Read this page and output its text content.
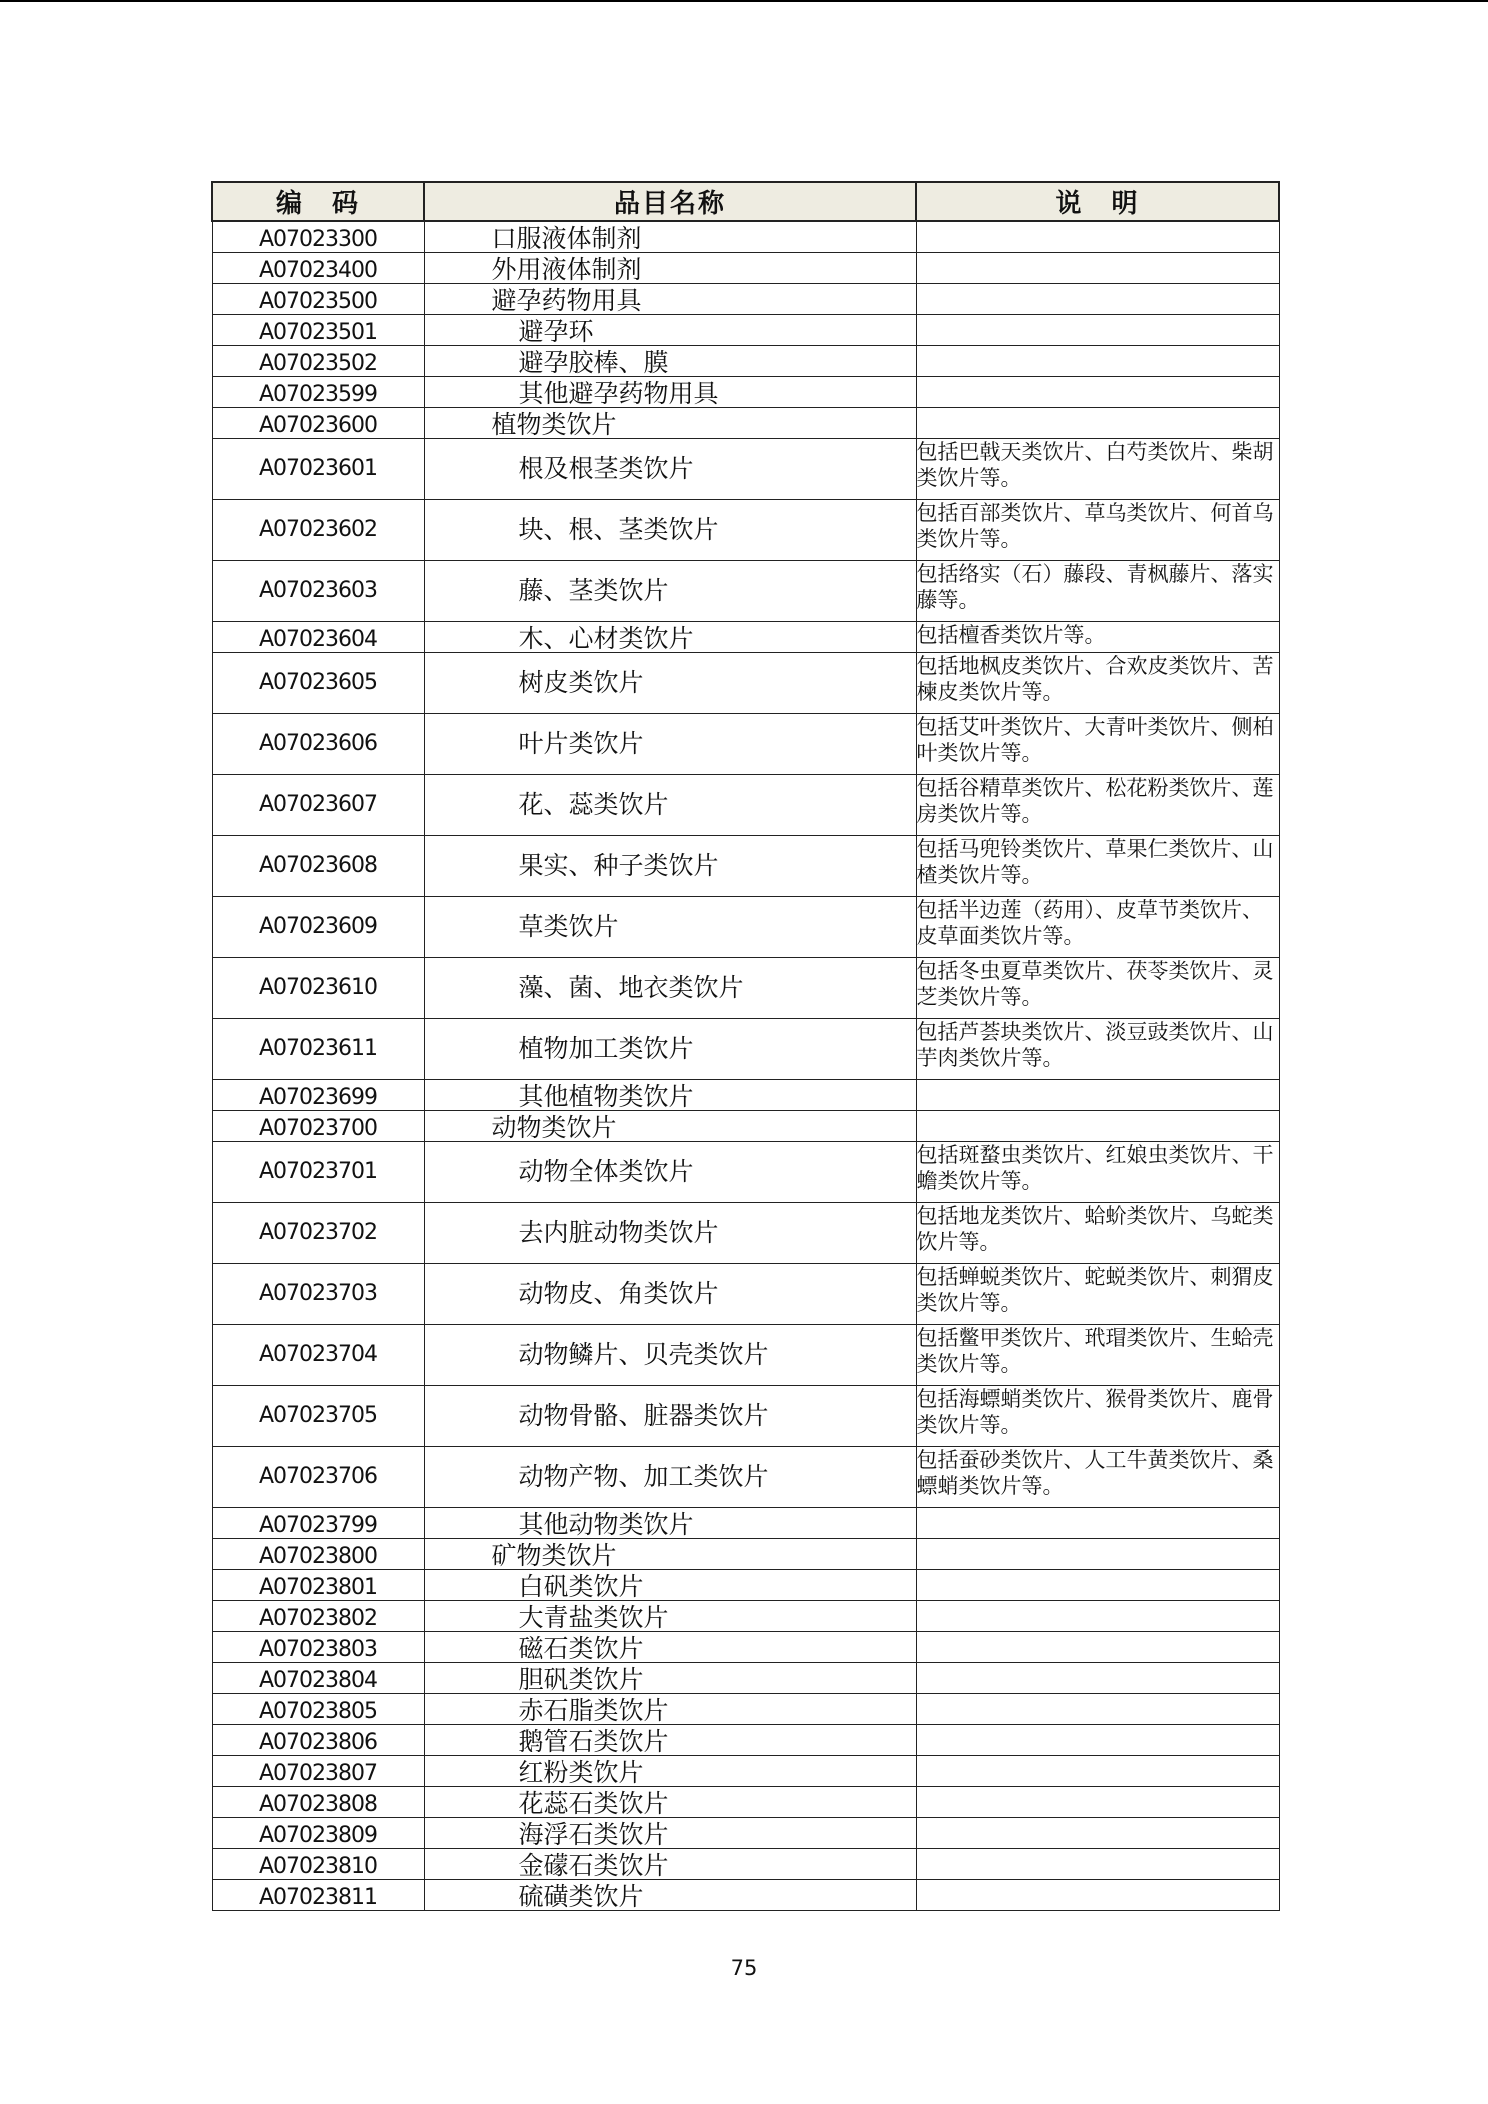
编　码	品目名称	说　明
A07023300	口服液体制剂	
A07023400	外用液体制剂	
A07023500	避孕药物用具	
A07023501	避孕环	
A07023502	避孕胶棒、膜	
A07023599	其他避孕药物用具	
A07023600	植物类饮片	
A07023601	根及根茎类饮片	包括巴戟天类饮片、白芍类饮片、柴胡类饮片等。
A07023602	块、根、茎类饮片	包括百部类饮片、草乌类饮片、何首乌类饮片等。
A07023603	藤、茎类饮片	包括络实（石）藤段、青枫藤片、落实藤等。
A07023604	木、心材类饮片	包括檀香类饮片等。
A07023605	树皮类饮片	包括地枫皮类饮片、合欢皮类饮片、苦楝皮类饮片等。
A07023606	叶片类饮片	包括艾叶类饮片、大青叶类饮片、侧柏叶类饮片等。
A07023607	花、蕊类饮片	包括谷精草类饮片、松花粉类饮片、莲房类饮片等。
A07023608	果实、种子类饮片	包括马兜铃类饮片、草果仁类饮片、山楂类饮片等。
A07023609	草类饮片	包括半边莲（药用）、皮草节类饮片、皮草面类饮片等。
A07023610	藻、菌、地衣类饮片	包括冬虫夏草类饮片、茯苓类饮片、灵芝类饮片等。
A07023611	植物加工类饮片	包括芦荟块类饮片、淡豆豉类饮片、山芋肉类饮片等。
A07023699	其他植物类饮片	
A07023700	动物类饮片	
A07023701	动物全体类饮片	包括斑蝥虫类饮片、红娘虫类饮片、干蟾类饮片等。
A07023702	去内脏动物类饮片	包括地龙类饮片、蛤蚧类饮片、乌蛇类饮片等。
A07023703	动物皮、角类饮片	包括蝉蜕类饮片、蛇蜕类饮片、刺猬皮类饮片等。
A07023704	动物鳞片、贝壳类饮片	包括鳖甲类饮片、玳瑁类饮片、生蛤壳类饮片等。
A07023705	动物骨骼、脏器类饮片	包括海螵蛸类饮片、猴骨类饮片、鹿骨类饮片等。
A07023706	动物产物、加工类饮片	包括蚕砂类饮片、人工牛黄类饮片、桑螵蛸类饮片等。
A07023799	其他动物类饮片	
A07023800	矿物类饮片	
A07023801	白矾类饮片	
A07023802	大青盐类饮片	
A07023803	磁石类饮片	
A07023804	胆矾类饮片	
A07023805	赤石脂类饮片	
A07023806	鹅管石类饮片	
A07023807	红粉类饮片	
A07023808	花蕊石类饮片	
A07023809	海浮石类饮片	
A07023810	金礞石类饮片	
A07023811	硫磺类饮片	
75
